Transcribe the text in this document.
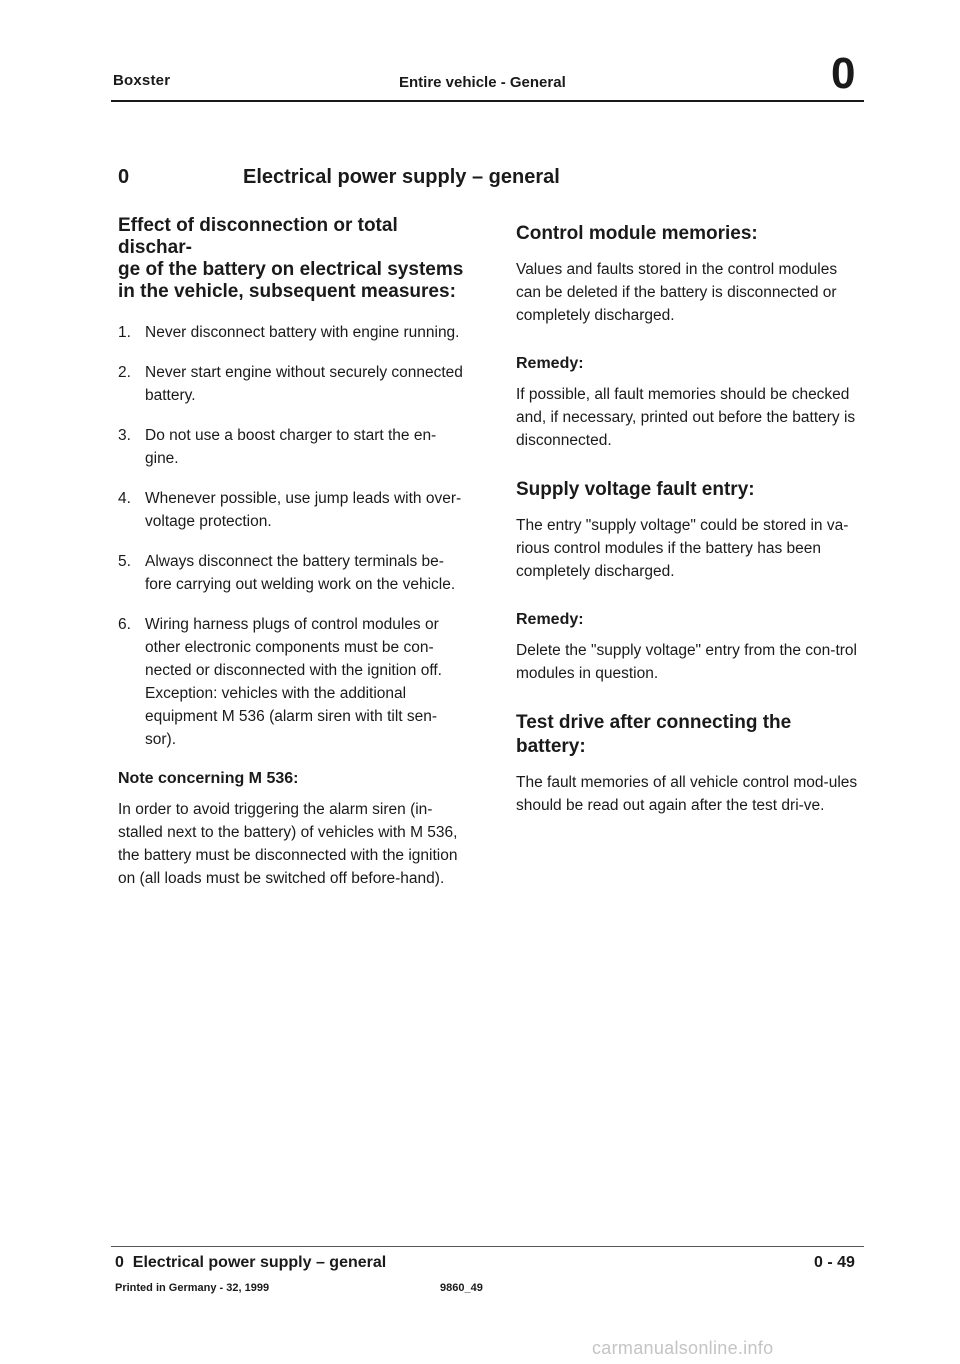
Boxster	Entire vehicle - General	0
0	Electrical power supply – general
Effect of disconnection or total dischar-
ge of the battery on electrical systems
in the vehicle, subsequent measures:
1. Never disconnect battery with engine running.
2. Never start engine without securely connected battery.
3. Do not use a boost charger to start the en-gine.
4. Whenever possible, use jump leads with over-voltage protection.
5. Always disconnect the battery terminals be-fore carrying out welding work on the vehicle.
6. Wiring harness plugs of control modules or other electronic components must be con-nected or disconnected with the ignition off. Exception: vehicles with the additional equipment M 536 (alarm siren with tilt sen-sor).
Note concerning M 536:

In order to avoid triggering the alarm siren (in-stalled next to the battery) of vehicles with M 536, the battery must be disconnected with the ignition on (all loads must be switched off before-hand).

Control module memories:

Values and faults stored in the control modules can be deleted if the battery is disconnected or completely discharged.

Remedy:

If possible, all fault memories should be checked and, if necessary, printed out before the battery is disconnected.

Supply voltage fault entry:

The entry "supply voltage" could be stored in va-rious control modules if the battery has been completely discharged.

Remedy:

Delete the "supply voltage" entry from the con-trol modules in question.

Test drive after connecting the battery:

The fault memories of all vehicle control mod-ules should be read out again after the test dri-ve.

0  Electrical power supply – general	0 - 49
Printed in Germany - 32, 1999	9860_49
carmanualsonline.info
